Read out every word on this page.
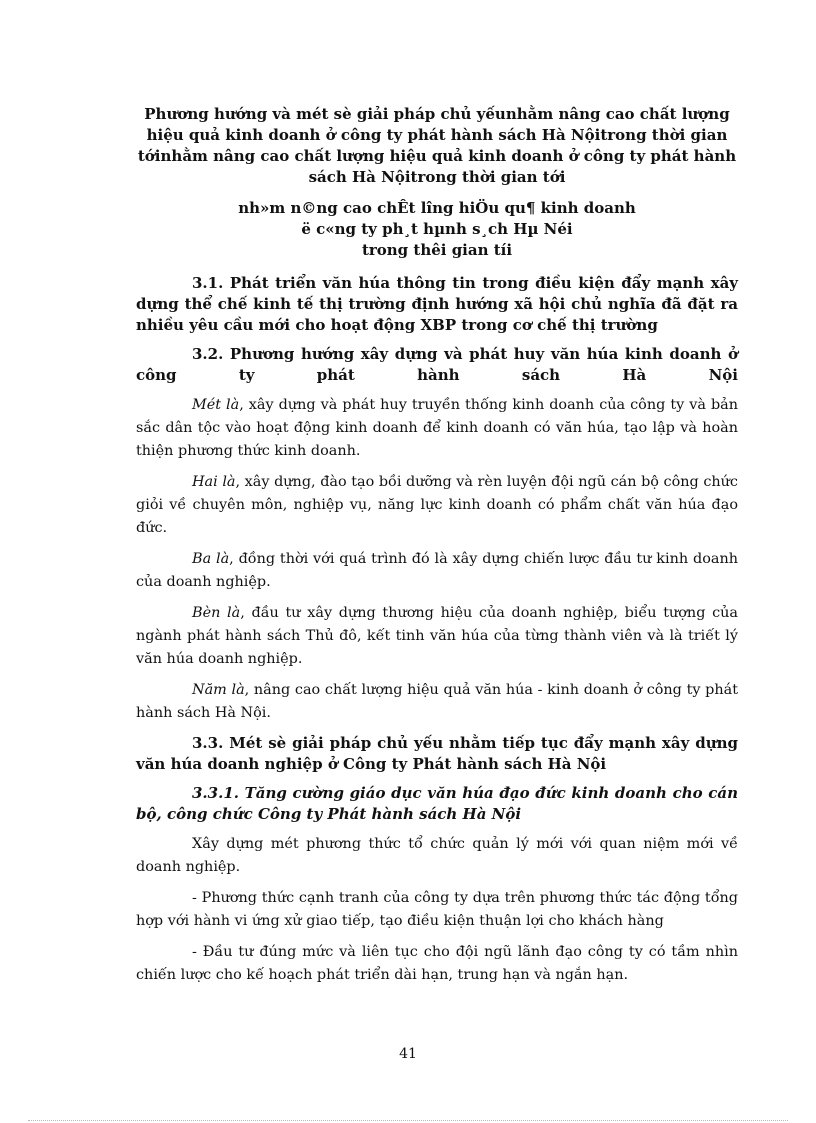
Phương hướng và mét sè giải pháp chủ yếunhằm nâng cao chất lượng hiệu quả kinh doanh ở công ty phát hành sách Hà Nộitrong thời gian tớinhằm nâng cao chất lượng hiệu quả kinh doanh ở công ty phát hành sách Hà Nộitrong thời gian tới

nh»m n©ng cao chÊt lîng hiÖu qu¶ kinh doanh
ë c«ng ty ph¸t hµnh s¸ch Hµ Néi
trong thêi gian tíi

3.1. Phát triển văn húa thông tin trong điều kiện đẩy mạnh xây dựng thể chế kinh tế thị trường định hướng xã hội chủ nghĩa đã đặt ra nhiều yêu cầu mới cho hoạt động XBP trong cơ chế thị trường

3.2. Phương hướng xây dựng và phát huy văn húa kinh doanh ở công ty phát hành sách Hà Nội

Mét là, xây dựng và phát huy truyền thống kinh doanh của công ty và bản sắc dân tộc vào hoạt động kinh doanh để kinh doanh có văn húa, tạo lập và hoàn thiện phương thức kinh doanh.

Hai là, xây dựng, đào tạo bồi dưỡng và rèn luyện đội ngũ cán bộ công chức giỏi về chuyên môn, nghiệp vụ, năng lực kinh doanh có phẩm chất văn húa đạo đức.

Ba là, đồng thời với quá trình đó là xây dựng chiến lược đầu tư kinh doanh của doanh nghiệp.

Bèn là, đầu tư xây dựng thương hiệu của doanh nghiệp, biểu tượng của ngành phát hành sách Thủ đô, kết tinh văn húa của từng thành viên và là triết lý văn húa doanh nghiệp.

Năm là, nâng cao chất lượng hiệu quả văn húa - kinh doanh ở công ty phát hành sách Hà Nội.

3.3. Mét sè giải pháp chủ yếu nhằm tiếp tục đẩy mạnh xây dựng văn húa doanh nghiệp ở Công ty Phát hành sách Hà Nội

3.3.1. Tăng cường giáo dục văn húa đạo đức kinh doanh cho cán bộ, công chức Công ty Phát hành sách Hà Nội

Xây dựng mét phương thức tổ chức quản lý mới với quan niệm mới về doanh nghiệp.

- Phương thức cạnh tranh của công ty dựa trên phương thức tác động tổng hợp với hành vi ứng xử giao tiếp, tạo điều kiện thuận lợi cho khách hàng

- Đầu tư đúng mức và liên tục cho đội ngũ lãnh đạo công ty có tầm nhìn chiến lược cho kế hoạch phát triển dài hạn, trung hạn và ngắn hạn.

41
